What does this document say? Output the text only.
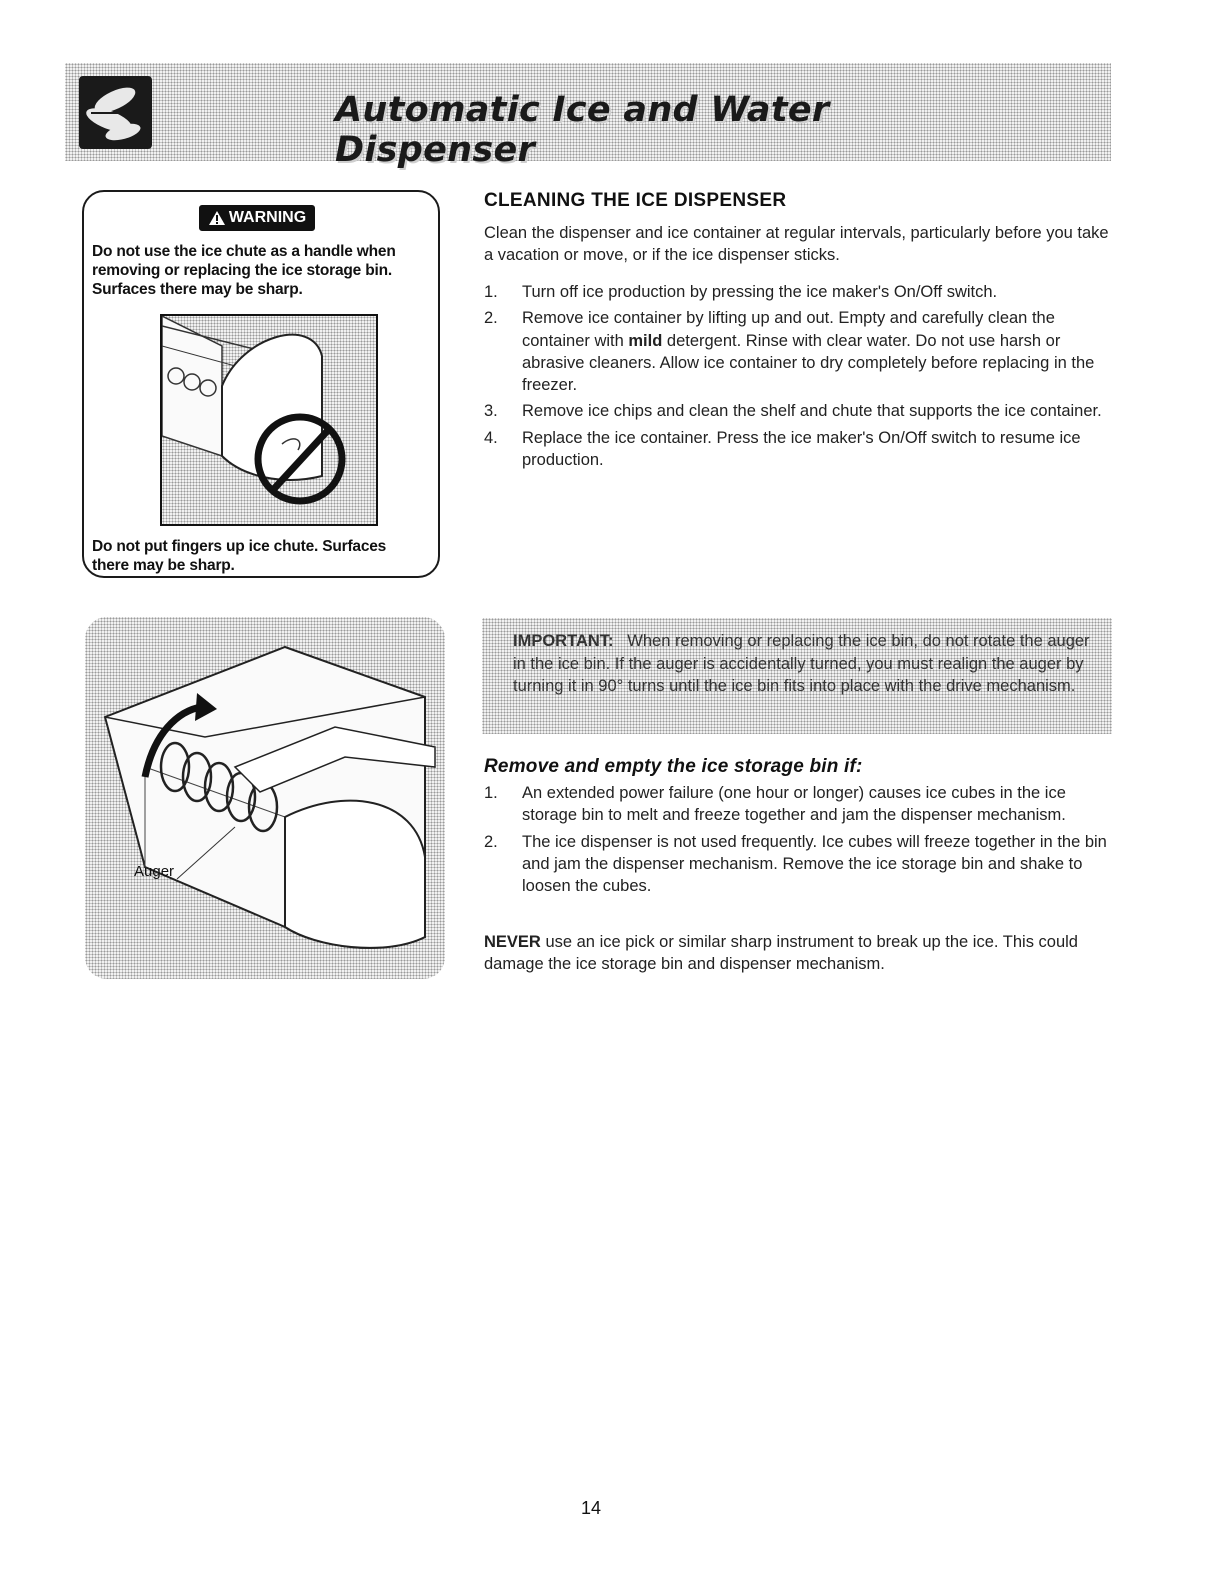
Automatic Ice and Water Dispenser
WARNING
Do not use the ice chute as a handle when
removing or replacing the ice storage bin.
Surfaces there may be sharp.
Do not put fingers up ice chute. Surfaces
there may be sharp.
Auger
CLEANING THE ICE DISPENSER

Clean the dispenser and ice container at regular intervals, particularly before you take a vacation or move, or if the ice dispenser sticks.

1. Turn off ice production by pressing the ice maker's On/Off switch.
2. Remove ice container by lifting up and out. Empty and carefully clean the container with mild detergent. Rinse with clear water. Do not use harsh or abrasive cleaners. Allow ice container to dry completely before replacing in the freezer.
3. Remove ice chips and clean the shelf and chute that supports the ice container.
4. Replace the ice container. Press the ice maker's On/Off switch to resume ice production.

IMPORTANT: When removing or replacing the ice bin, do not rotate the auger in the ice bin. If the auger is accidentally turned, you must realign the auger by turning it in 90° turns until the ice bin fits into place with the drive mechanism.

Remove and empty the ice storage bin if:
1. An extended power failure (one hour or longer) causes ice cubes in the ice storage bin to melt and freeze together and jam the dispenser mechanism.
2. The ice dispenser is not used frequently. Ice cubes will freeze together in the bin and jam the dispenser mechanism. Remove the ice storage bin and shake to loosen the cubes.

NEVER use an ice pick or similar sharp instrument to break up the ice. This could damage the ice storage bin and dispenser mechanism.

14
